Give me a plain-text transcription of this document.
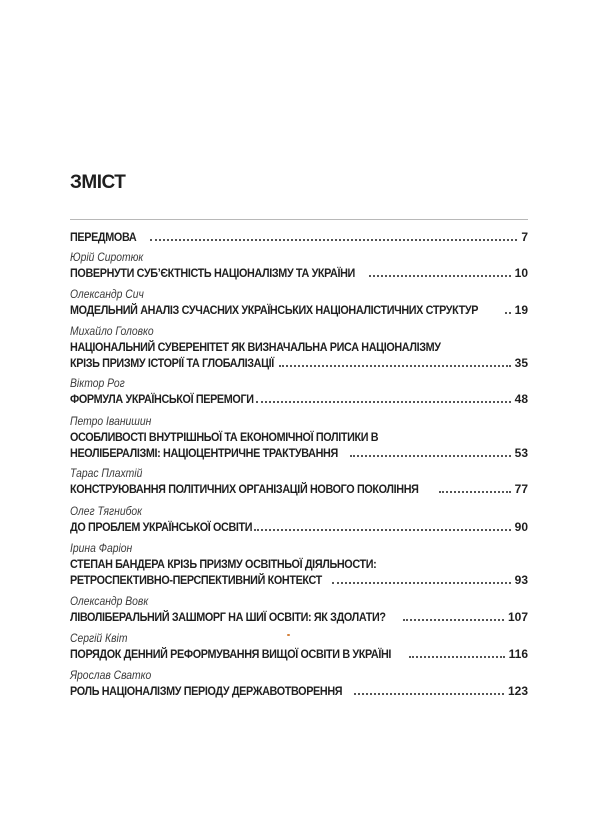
ЗМІСТ
ПЕРЕДМОВА	7
Юрій Сиротюк
ПОВЕРНУТИ СУБ’ЄКТНІСТЬ НАЦІОНАЛІЗМУ ТА УКРАЇНИ	10
Олександр Сич
МОДЕЛЬНИЙ АНАЛІЗ СУЧАСНИХ УКРАЇНСЬКИХ НАЦІОНАЛІСТИЧНИХ СТРУКТУР	19
Михайло Головко
НАЦІОНАЛЬНИЙ СУВЕРЕНІТЕТ ЯК ВИЗНАЧАЛЬНА РИСА НАЦІОНАЛІЗМУ
КРІЗЬ ПРИЗМУ ІСТОРІЇ ТА ГЛОБАЛІЗАЦІЇ	35
Віктор Рог
ФОРМУЛА УКРАЇНСЬКОЇ ПЕРЕМОГИ	48
Петро Іванишин
ОСОБЛИВОСТІ ВНУТРІШНЬОЇ ТА ЕКОНОМІЧНОЇ ПОЛІТИКИ В
НЕОЛІБЕРАЛІЗМІ: НАЦІОЦЕНТРИЧНЕ ТРАКТУВАННЯ	53
Тарас Плахтій
КОНСТРУЮВАННЯ ПОЛІТИЧНИХ ОРГАНІЗАЦІЙ НОВОГО ПОКОЛІННЯ	77
Олег Тягнибок
ДО ПРОБЛЕМ УКРАЇНСЬКОЇ ОСВІТИ	90
Ірина Фаріон
СТЕПАН БАНДЕРА КРІЗЬ ПРИЗМУ ОСВІТНЬОЇ ДІЯЛЬНОСТИ:
РЕТРОСПЕКТИВНО-ПЕРСПЕКТИВНИЙ КОНТЕКСТ	93
Олександр Вовк
ЛІВОЛІБЕРАЛЬНИЙ ЗАШМОРГ НА ШИЇ ОСВІТИ: ЯК ЗДОЛАТИ?	107
Сергій Квіт
ПОРЯДОК ДЕННИЙ РЕФОРМУВАННЯ ВИЩОЇ ОСВІТИ В УКРАЇНІ	116
Ярослав Сватко
РОЛЬ НАЦІОНАЛІЗМУ ПЕРІОДУ ДЕРЖАВОТВОРЕННЯ	123
